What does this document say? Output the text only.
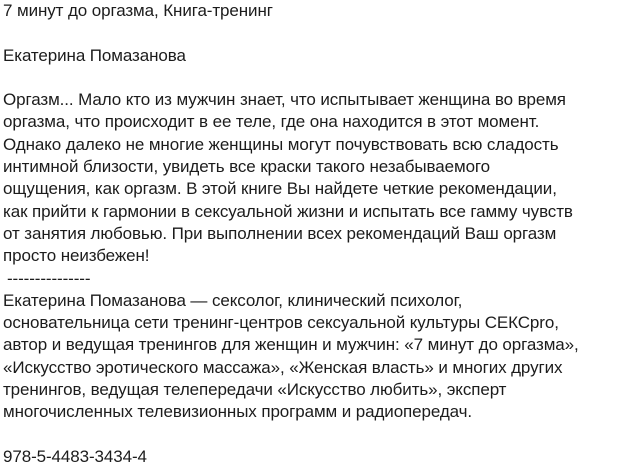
7 минут до оргазма, Книга-тренинг
Екатерина Помазанова
Оргазм... Мало кто из мужчин знает, что испытывает женщина во время
оргазма, что происходит в ее теле, где она находится в этот момент.
Однако далеко не многие женщины могут почувствовать всю сладость
интимной близости, увидеть все краски такого незабываемого
ощущения, как оргазм. В этой книге Вы найдете четкие рекомендации,
как прийти к гармонии в сексуальной жизни и испытать все гамму чувств
от занятия любовью. При выполнении всех рекомендаций Ваш оргазм
просто неизбежен!
---------------
Екатерина Помазанова — сексолог, клинический психолог,
основательница сети тренинг-центров сексуальной культуры СЕКСpro,
автор и ведущая тренингов для женщин и мужчин: «7 минут до оргазма»,
«Искусство эротического массажа», «Женская власть» и многих других
тренингов, ведущая телепередачи «Искусство любить», эксперт
многочисленных телевизионных программ и радиопередач.
978-5-4483-3434-4
